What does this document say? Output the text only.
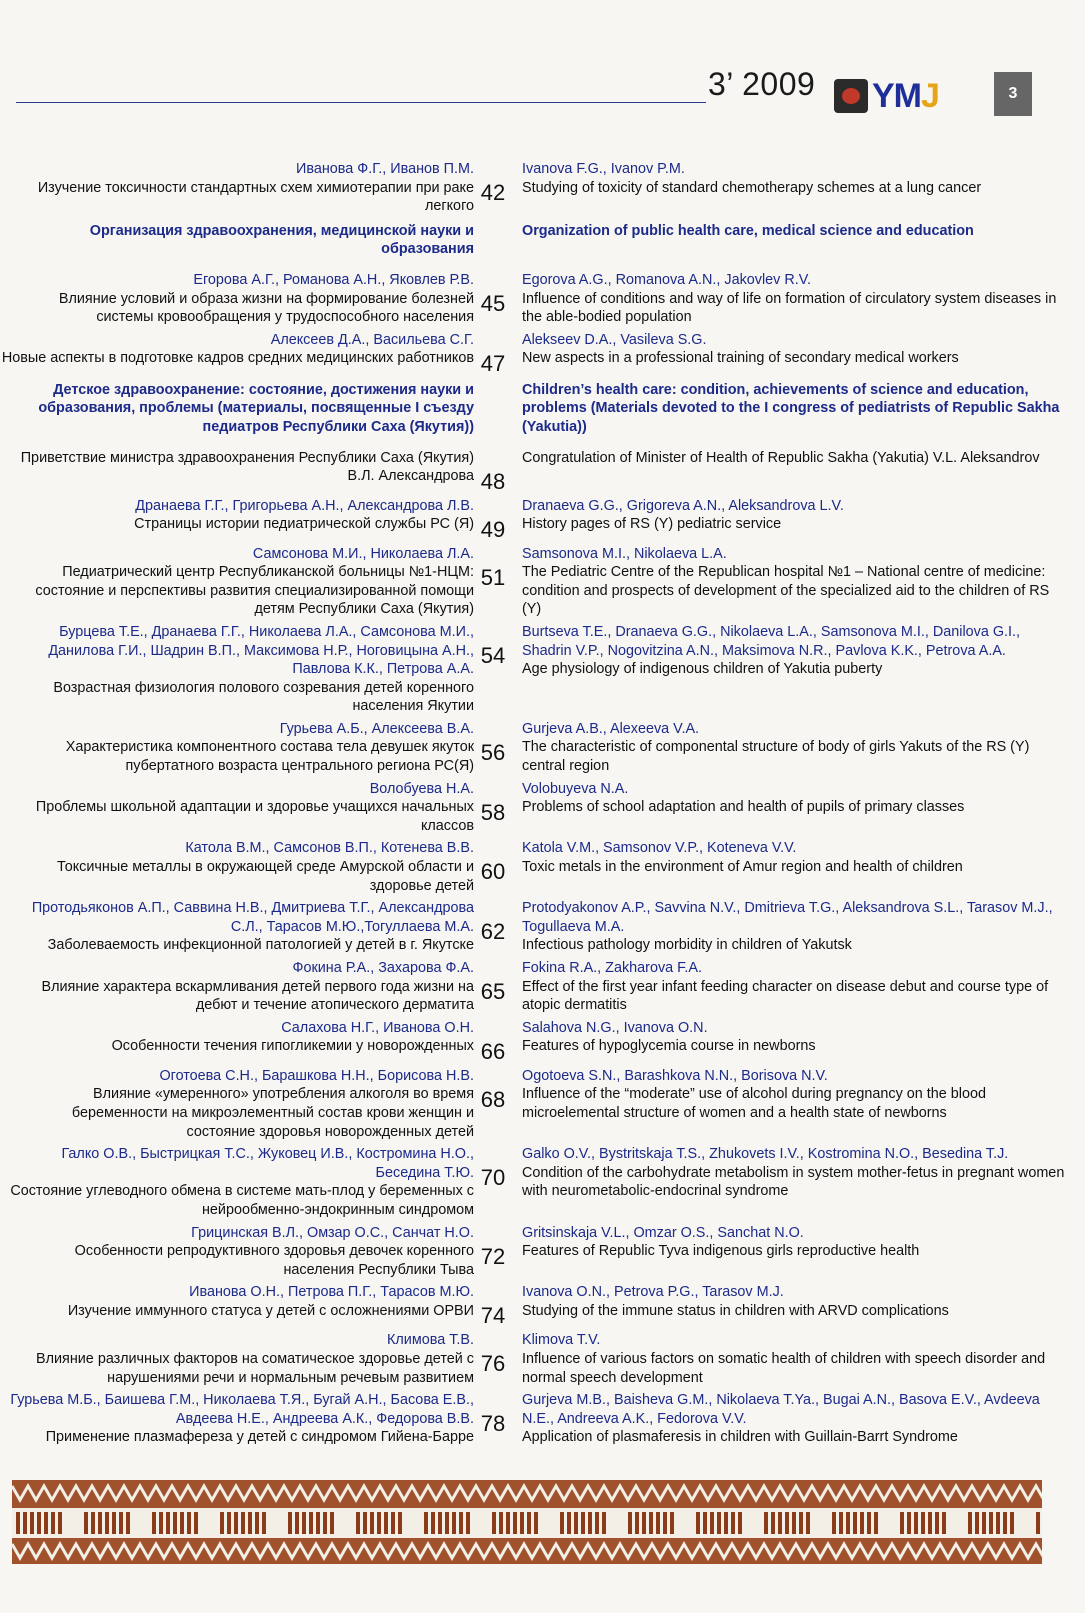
3’ 2009 YMJ	3
Иванова Ф.Г., Иванов П.М.
Изучение токсичности стандартных схем химиотерапии при раке легкого
42
Ivanova F.G., Ivanov P.M.
Studying of toxicity of standard chemotherapy schemes at a lung cancer
Организация здравоохранения, медицинской науки и образования
Organization of public health care, medical science and education
Егорова А.Г., Романова А.Н., Яковлев Р.В.
Влияние условий и образа жизни на формирование болезней системы кровообращения у трудоспособного населения
45
Egorova A.G., Romanova A.N., Jakovlev R.V.
Influence of conditions and way of life on formation of circulatory system diseases in the able-bodied population
Алексеев Д.А., Васильева С.Г.
Новые аспекты в подготовке кадров средних медицинских работников 47
Alekseev D.A., Vasileva S.G.
New aspects in a professional training of secondary medical workers
Детское здравоохранение: состояние, достижения науки и образования, проблемы (материалы, посвященные I съезду педиатров Республики Саха (Якутия))
Children’s health care: condition, achievements of science and education, problems (Materials devoted to the I congress of pediatrists of Republic Sakha (Yakutia))
Приветствие министра здравоохранения Республики Саха (Якутия) В.Л. Александрова 48
Congratulation of Minister of Health of Republic Sakha (Yakutia) V.L. Aleksandrov
Дранаева Г.Г., Григорьева А.Н., Александрова Л.В.
Страницы истории педиатрической службы РС (Я) 49
Dranaeva G.G., Grigoreva A.N., Aleksandrova L.V.
History pages of RS (Y) pediatric service
Самсонова М.И., Николаева Л.А.
Педиатрический центр Республиканской больницы №1-НЦМ: состояние и перспективы развития специализированной помощи детям Республики Саха (Якутия)
51
Samsonova M.I., Nikolaeva L.A.
The Pediatric Centre of the Republican hospital №1 – National centre of medicine: condition and prospects of development of the specialized aid to the children of RS (Y)
Бурцева Т.Е., Дранаева Г.Г., Николаева Л.А., Самсонова М.И., Данилова Г.И., Шадрин В.П., Максимова Н.Р., Ноговицына А.Н., Павлова К.К., Петрова А.А.
Возрастная физиология полового созревания детей коренного населения Якутии
54
Burtseva T.E., Dranaeva G.G., Nikolaeva L.A., Samsonova M.I., Danilova G.I., Shadrin V.P., Nogovitzina A.N., Maksimova N.R., Pavlova K.K., Petrova A.A.
Age physiology of indigenous children of Yakutia puberty
Гурьева А.Б., Алексеева В.А.
Характеристика компонентного состава тела девушек якуток пубертатного возраста центрального региона РС(Я)
56
Gurjeva A.B., Alexeeva V.A.
The characteristic of componental structure of body of girls Yakuts of the RS (Y) central region
Волобуева Н.А.
Проблемы школьной адаптации и здоровье учащихся начальных классов
58
Volobuyeva N.A.
Problems of school adaptation and health of pupils of primary classes
Катола В.М., Самсонов В.П., Котенева В.В.
Токсичные металлы в окружающей среде Амурской области и здоровье детей
60
Katola V.M., Samsonov V.P., Koteneva V.V.
Toxic metals in the environment of Amur region and health of children
Протодьяконов А.П., Саввина Н.В., Дмитриева Т.Г., Александрова С.Л., Тарасов М.Ю.,Тогуллаева М.А.
Заболеваемость инфекционной патологией у детей в г. Якутске
62
Protodyakonov A.P., Savvina N.V., Dmitrieva T.G., Aleksandrova S.L., Tarasov M.J., Togullaeva M.A.
Infectious pathology morbidity in children of Yakutsk
Фокина Р.А., Захарова Ф.А.
Влияние характера вскармливания детей первого года жизни на дебют и течение атопического дерматита
65
Fokina R.A., Zakharova F.A.
Effect of the first year infant feeding character on disease debut and course type of atopic dermatitis
Салахова Н.Г., Иванова О.Н.
Особенности течения гипогликемии у новорожденных 66
Salahova N.G., Ivanova O.N.
Features of hypoglycemia course in newborns
Оготоева С.Н., Барашкова Н.Н., Борисова Н.В.
Влияние «умеренного» употребления алкоголя во время беременности на микроэлементный состав крови женщин и состояние здоровья новорожденных детей
68
Ogotoeva S.N., Barashkova N.N., Borisova N.V.
Influence of the “moderate” use of alcohol during pregnancy on the blood microelemental structure of women and a health state of newborns
Галко О.В., Быстрицкая Т.С., Жуковец И.В., Костромина Н.О., Беседина Т.Ю.
Состояние углеводного обмена в системе мать-плод у беременных с нейрообменно-эндокринным синдромом
70
Galko O.V., Bystritskaja T.S., Zhukovets I.V., Kostromina N.O., Besedina T.J.
Condition of the carbohydrate metabolism in system mother-fetus in pregnant women with neurometabolic-endocrinal syndrome
Грицинская В.Л., Омзар О.С., Санчат Н.О.
Особенности репродуктивного здоровья девочек коренного населения Республики Тыва
72
Gritsinskaja V.L., Omzar O.S., Sanchat N.O.
Features of Republic Tyva indigenous girls reproductive health
Иванова О.Н., Петрова П.Г., Тарасов М.Ю.
Изучение иммунного статуса у детей с осложнениями ОРВИ 74
Ivanova O.N., Petrova P.G., Tarasov M.J.
Studying of the immune status in children with ARVD complications
Климова Т.В.
Влияние различных факторов на соматическое здоровье детей с нарушениями речи и нормальным речевым развитием
76
Klimova T.V.
Influence of various factors on somatic health of children with speech disorder and normal speech development
Гурьева М.Б., Баишева Г.М., Николаева Т.Я., Бугай А.Н., Басова Е.В., Авдеева Н.Е., Андреева А.К., Федорова В.В.
Применение плазмафереза у детей с синдромом Гийена-Барре
78
Gurjeva M.B., Baisheva G.M., Nikolaeva T.Ya., Bugai A.N., Basova E.V., Avdeeva N.E., Andreeva A.K., Fedorova V.V.
Application of plasmaferesis in children with Guillain-Barrt Syndrome
